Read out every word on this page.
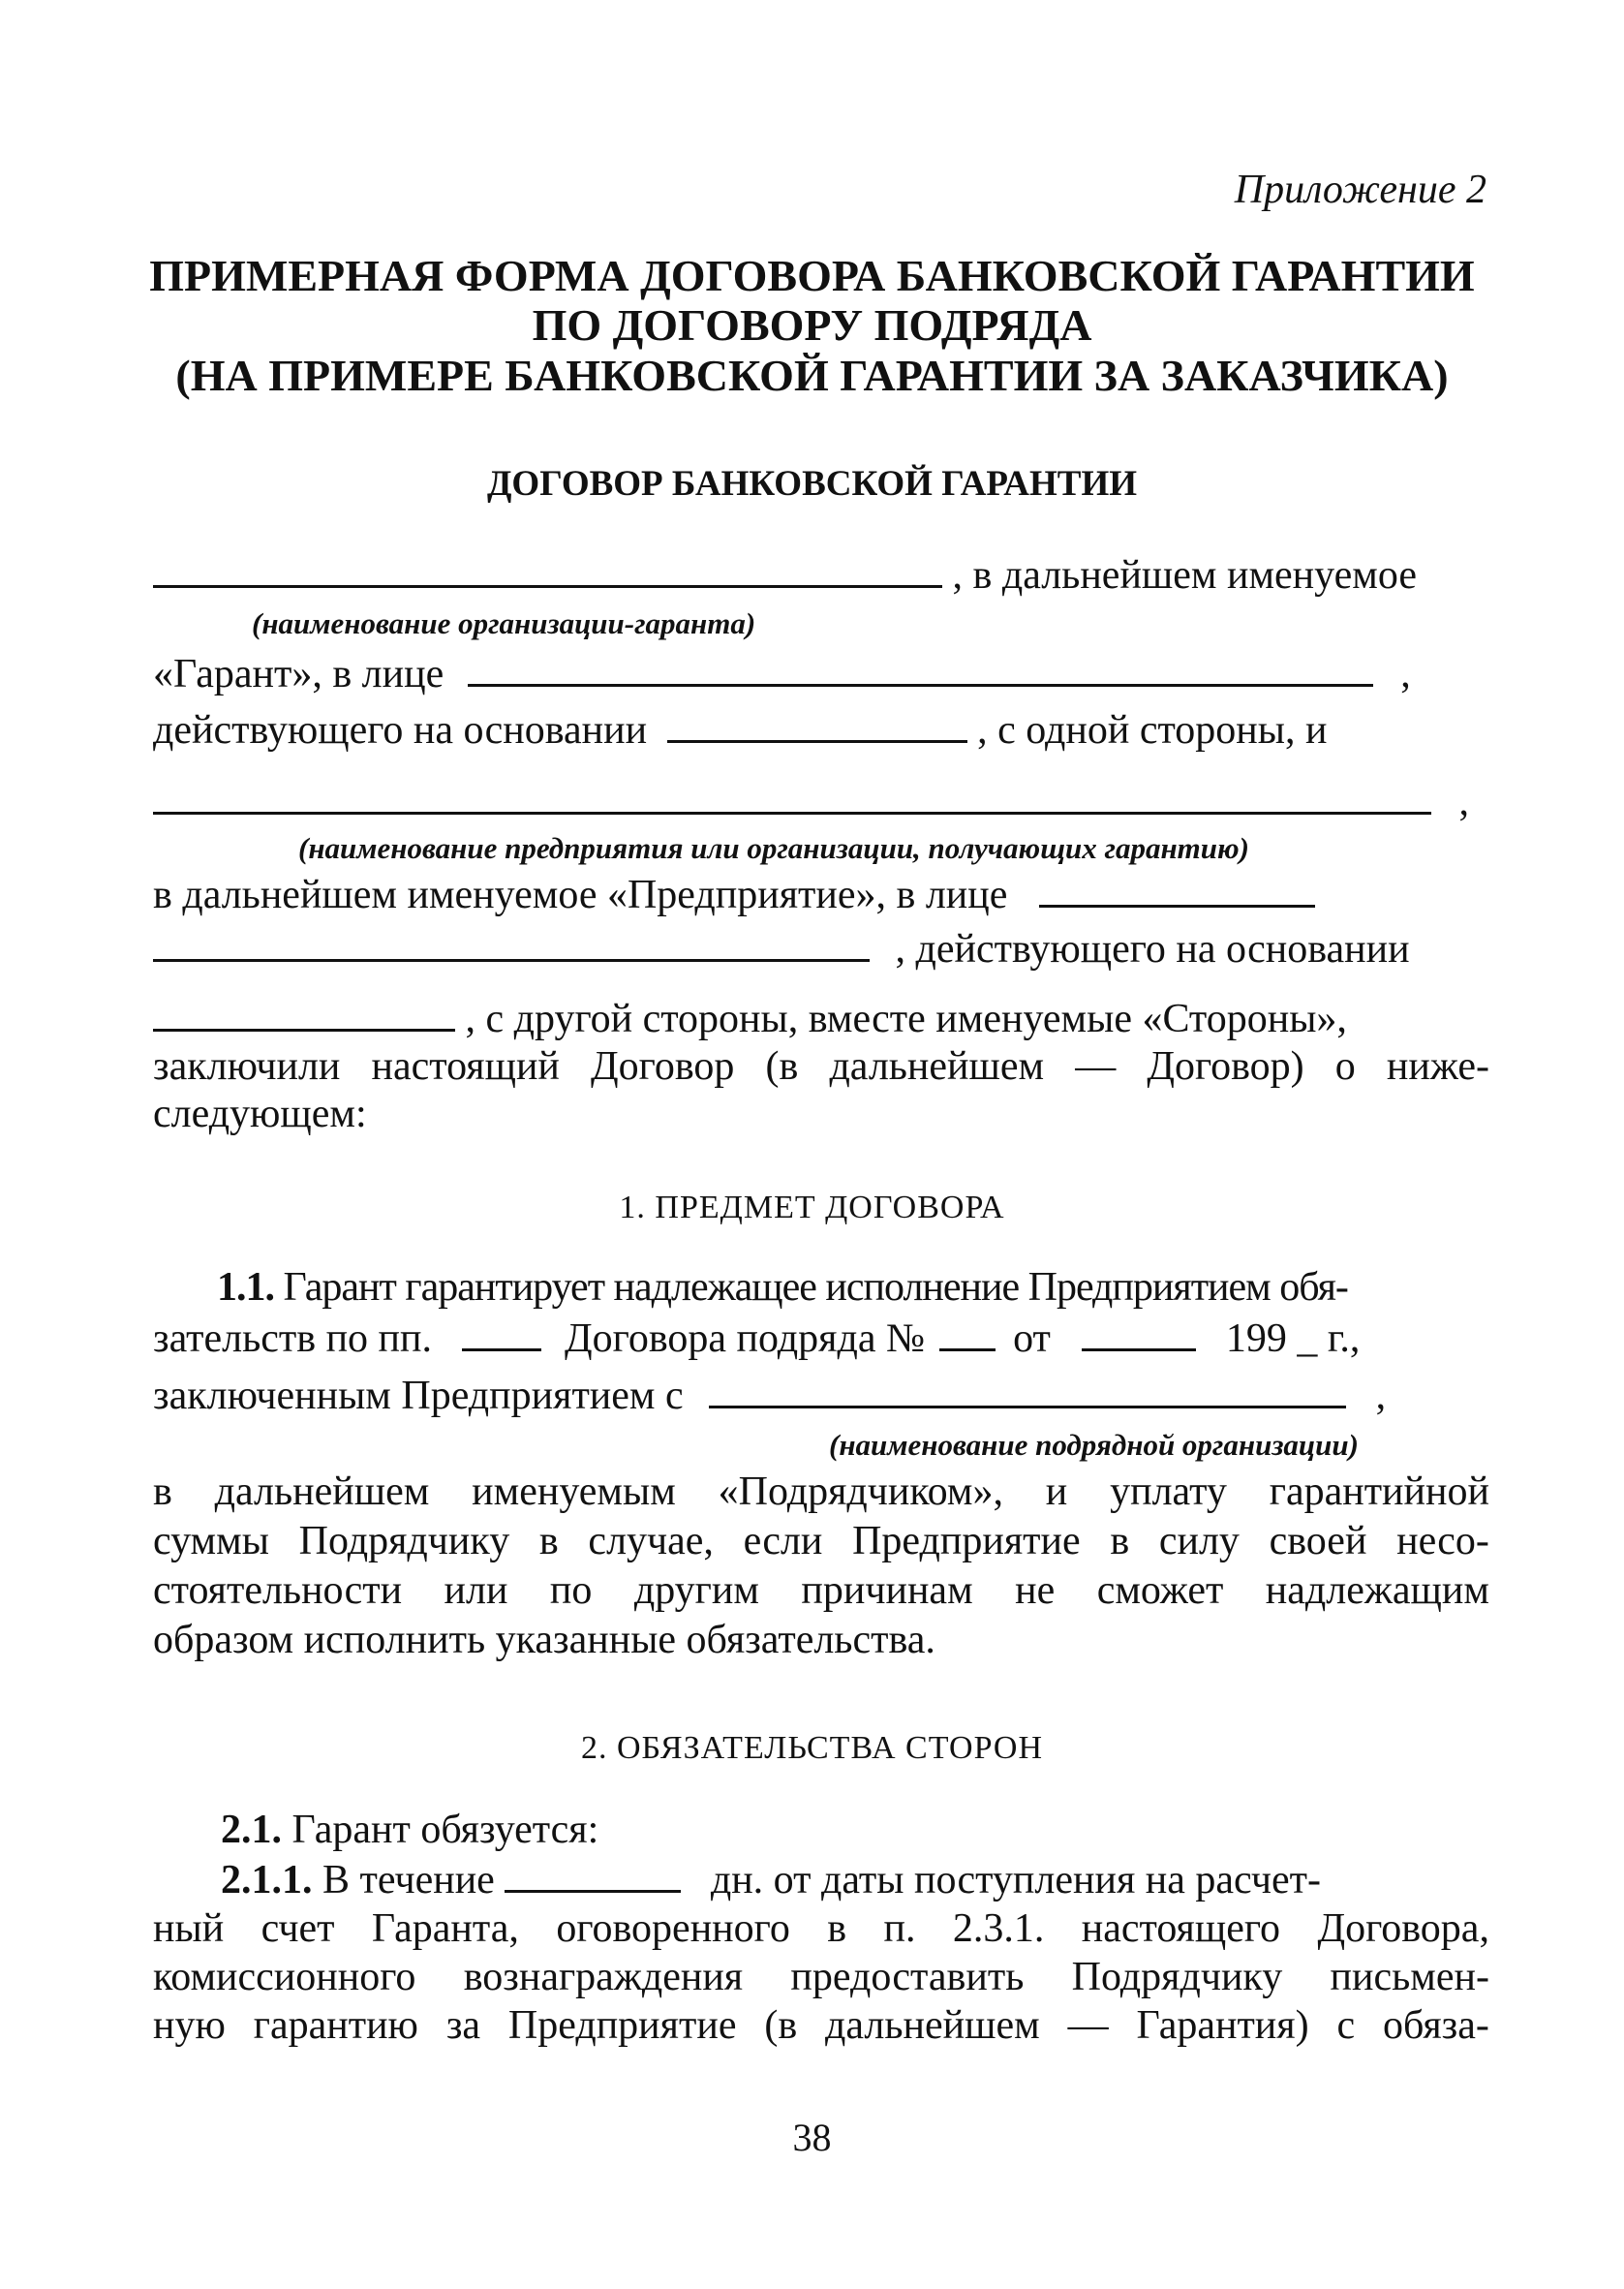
Приложение 2
ПРИМЕРНАЯ ФОРМА ДОГОВОРА БАНКОВСКОЙ ГАРАНТИИ
ПО ДОГОВОРУ ПОДРЯДА
(НА ПРИМЕРЕ БАНКОВСКОЙ ГАРАНТИИ ЗА ЗАКАЗЧИКА)
ДОГОВОР БАНКОВСКОЙ ГАРАНТИИ
, в дальнейшем именуемое
(наименование организации-гаранта)
«Гарант», в лице	,
действующего на основании	, с одной стороны, и
,
(наименование предприятия или организации, получающих гарантию)
в дальнейшем именуемое «Предприятие», в лице
, действующего на основании
, с другой стороны, вместе именуемые «Стороны»,
заключили настоящий Договор (в дальнейшем — Договор) о ниже-
следующем:
1. ПРЕДМЕТ ДОГОВОРА
1.1. Гарант гарантирует надлежащее исполнение Предприятием обя-
зательств по пп.	Договора подряда № от	199 _ г.,
заключенным Предприятием с	,
(наименование подрядной организации)
в дальнейшем именуемым «Подрядчиком», и уплату гарантийной
суммы Подрядчику в случае, если Предприятие в силу своей несо-
стоятельности или по другим причинам не сможет надлежащим
образом исполнить указанные обязательства.
2. ОБЯЗАТЕЛЬСТВА СТОРОН
2.1. Гарант обязуется:
2.1.1. В течение	дн. от даты поступления на расчет-
ный счет Гаранта, оговоренного в п. 2.3.1. настоящего Договора,
комиссионного вознаграждения предоставить Подрядчику письмен-
ную гарантию за Предприятие (в дальнейшем — Гарантия) с обяза-
38
